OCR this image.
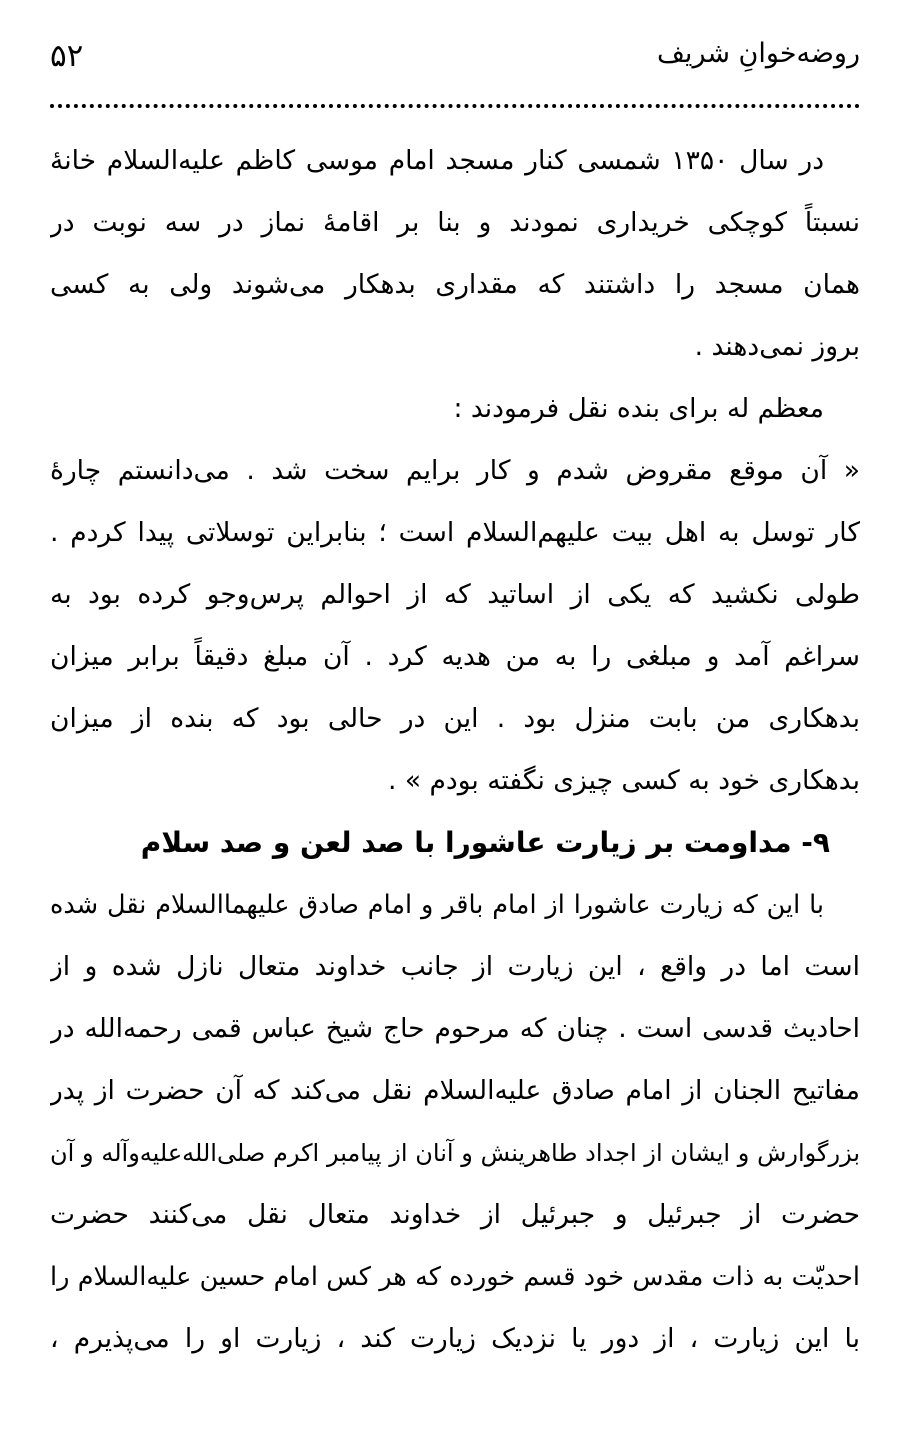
۵۲	روضه‌خوانِ شریف
در سال ۱۳۵۰ شمسی کنار مسجد امام موسی کاظم علیه‌السلام خانهٔ
نسبتاً کوچکی خریداری نمودند و بنا بر اقامهٔ نماز در سه نوبت در
همان مسجد را داشتند که مقداری بدهکار می‌شوند ولی به کسی
بروز نمی‌دهند .
معظم له برای بنده نقل فرمودند :
« آن موقع مقروض شدم و کار برایم سخت شد . می‌دانستم چارهٔ
کار توسل به اهل بیت علیهم‌السلام است ؛ بنابراین توسلاتی پیدا کردم .
طولی نکشید که یکی از اساتید که از احوالم پرس‌وجو کرده بود به
سراغم آمد و مبلغی را به من هدیه کرد . آن مبلغ دقیقاً برابر میزان
بدهکاری من بابت منزل بود . این در حالی بود که بنده از میزان
بدهکاری خود به کسی چیزی نگفته بودم » .
۹- مداومت بر زیارت عاشورا با صد لعن و صد سلام
با این که زیارت عاشورا از امام باقر و امام صادق علیهماالسلام نقل شده
است اما در واقع ، این زیارت از جانب خداوند متعال نازل شده و از
احادیث قدسی است . چنان که مرحوم حاج شیخ عباس قمی رحمه‌الله در
مفاتیح الجنان از امام صادق علیه‌السلام نقل می‌کند که آن حضرت از پدر
بزرگوارش و ایشان از اجداد طاهرینش و آنان از پیامبر اکرم صلی‌الله‌علیه‌وآله و آن
حضرت از جبرئیل و جبرئیل از خداوند متعال نقل می‌کنند حضرت
احدیّت به ذات مقدس خود قسم خورده که هر کس امام حسین علیه‌السلام را
با این زیارت ، از دور یا نزدیک زیارت کند ، زیارت او را می‌پذیرم ،
